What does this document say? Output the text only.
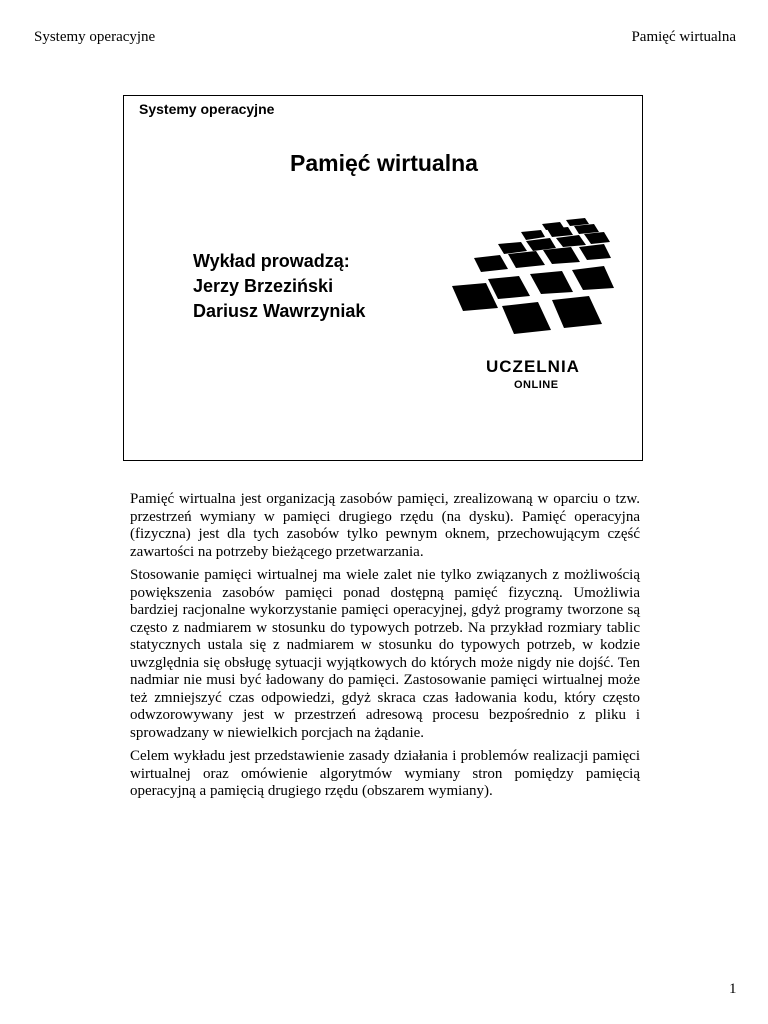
Systemy operacyjne	Pamięć wirtualna
Systemy operacyjne
Pamięć wirtualna
Wykład prowadzą:
Jerzy Brzeziński
Dariusz Wawrzyniak
UCZELNIA
ONLINE

Pamięć wirtualna jest organizacją zasobów pamięci, zrealizowaną w oparciu o tzw. przestrzeń wymiany w pamięci drugiego rzędu (na dysku). Pamięć operacyjna (fizyczna) jest dla tych zasobów tylko pewnym oknem, przechowującym część zawartości na potrzeby bieżącego przetwarzania.

Stosowanie pamięci wirtualnej ma wiele zalet nie tylko związanych z możliwością powiększenia zasobów pamięci ponad dostępną pamięć fizyczną. Umożliwia bardziej racjonalne wykorzystanie pamięci operacyjnej, gdyż programy tworzone są często z nadmiarem w stosunku do typowych potrzeb. Na przykład rozmiary tablic statycznych ustala się z nadmiarem w stosunku do typowych potrzeb, w kodzie uwzględnia się obsługę sytuacji wyjątkowych do których może nigdy nie dojść. Ten nadmiar nie musi być ładowany do pamięci. Zastosowanie pamięci wirtualnej może też zmniejszyć czas odpowiedzi, gdyż skraca czas ładowania kodu, który często odwzorowywany jest w przestrzeń adresową procesu bezpośrednio z pliku i sprowadzany w niewielkich porcjach na żądanie.

Celem wykładu jest przedstawienie zasady działania i problemów realizacji pamięci wirtualnej oraz omówienie algorytmów wymiany stron pomiędzy pamięcią operacyjną a pamięcią drugiego rzędu (obszarem wymiany).

1
